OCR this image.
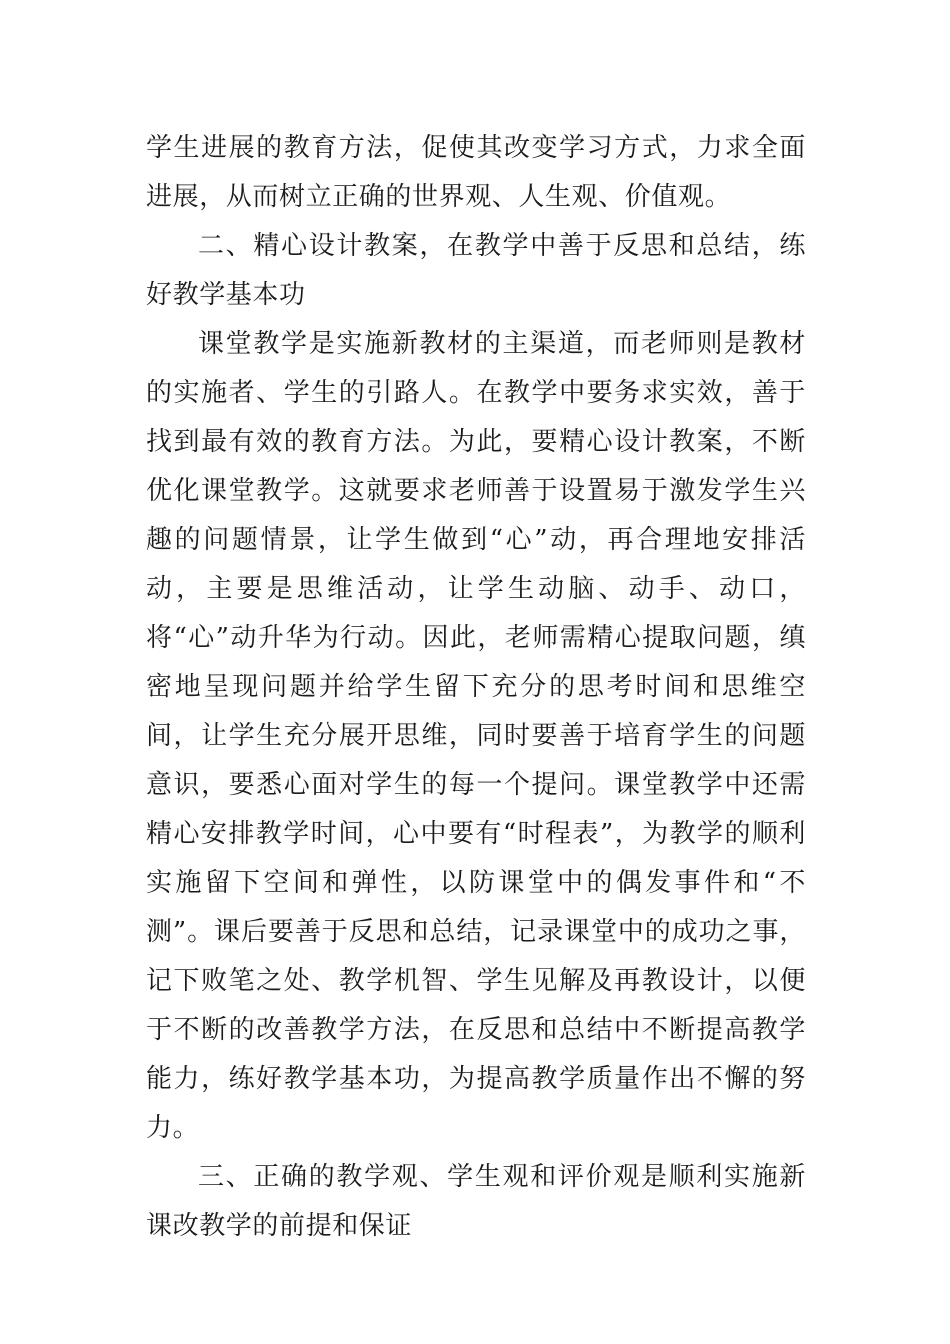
学生进展的教育方法，促使其改变学习方式，力求全面进展，从而树立正确的世界观、人生观、价值观。

二、精心设计教案，在教学中善于反思和总结，练好教学基本功

课堂教学是实施新教材的主渠道，而老师则是教材的实施者、学生的引路人。在教学中要务求实效，善于找到最有效的教育方法。为此，要精心设计教案，不断优化课堂教学。这就要求老师善于设置易于激发学生兴趣的问题情景，让学生做到“心”动，再合理地安排活动，主要是思维活动，让学生动脑、动手、动口，将“心”动升华为行动。因此，老师需精心提取问题，缜密地呈现问题并给学生留下充分的思考时间和思维空间，让学生充分展开思维，同时要善于培育学生的问题意识，要悉心面对学生的每一个提问。课堂教学中还需精心安排教学时间，心中要有“时程表”，为教学的顺利实施留下空间和弹性，以防课堂中的偶发事件和“不测”。课后要善于反思和总结，记录课堂中的成功之事，记下败笔之处、教学机智、学生见解及再教设计，以便于不断的改善教学方法，在反思和总结中不断提高教学能力，练好教学基本功，为提高教学质量作出不懈的努力。

三、正确的教学观、学生观和评价观是顺利实施新课改教学的前提和保证
